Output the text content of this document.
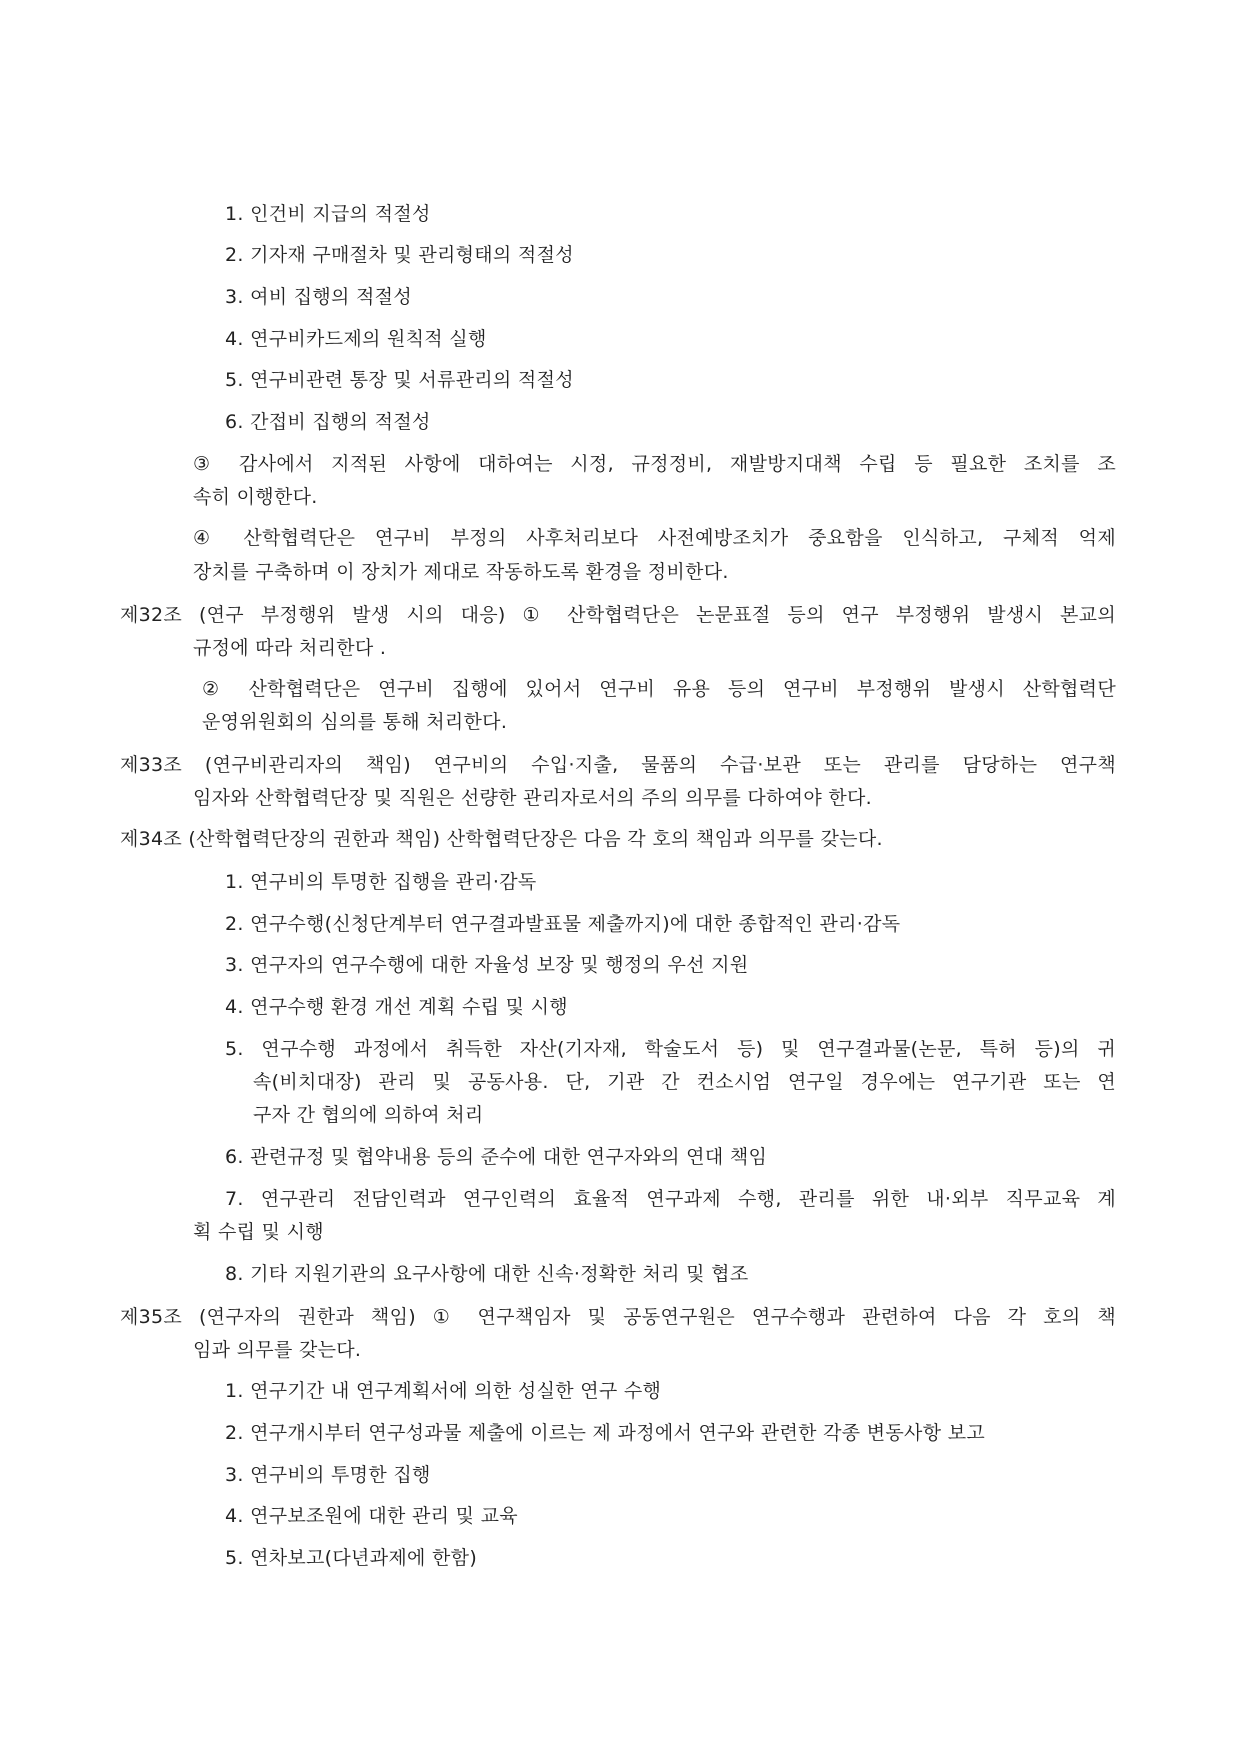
1. 인건비 지급의 적절성
2. 기자재 구매절차 및 관리형태의 적절성
3. 여비 집행의 적절성
4. 연구비카드제의 원칙적 실행
5. 연구비관련 통장 및 서류관리의 적절성
6. 간접비 집행의 적절성
③ 감사에서 지적된 사항에 대하여는 시정, 규정정비, 재발방지대책 수립 등 필요한 조치를 조
속히 이행한다.
④ 산학협력단은 연구비 부정의 사후처리보다 사전예방조치가 중요함을 인식하고, 구체적 억제
장치를 구축하며 이 장치가 제대로 작동하도록 환경을 정비한다.
제32조 (연구 부정행위 발생 시의 대응) ① 산학협력단은 논문표절 등의 연구 부정행위 발생시 본교의
규정에 따라 처리한다 .
② 산학협력단은 연구비 집행에 있어서 연구비 유용 등의 연구비 부정행위 발생시 산학협력단
운영위원회의 심의를 통해 처리한다.
제33조 (연구비관리자의 책임) 연구비의 수입·지출, 물품의 수급·보관 또는 관리를 담당하는 연구책
임자와 산학협력단장 및 직원은 선량한 관리자로서의 주의 의무를 다하여야 한다.
제34조 (산학협력단장의 권한과 책임) 산학협력단장은 다음 각 호의 책임과 의무를 갖는다.
1. 연구비의 투명한 집행을 관리·감독
2. 연구수행(신청단계부터 연구결과발표물 제출까지)에 대한 종합적인 관리·감독
3. 연구자의 연구수행에 대한 자율성 보장 및 행정의 우선 지원
4. 연구수행 환경 개선 계획 수립 및 시행
5. 연구수행 과정에서 취득한 자산(기자재, 학술도서 등) 및 연구결과물(논문, 특허 등)의 귀
속(비치대장) 관리 및 공동사용. 단, 기관 간 컨소시엄 연구일 경우에는 연구기관 또는 연
구자 간 협의에 의하여 처리
6. 관련규정 및 협약내용 등의 준수에 대한 연구자와의 연대 책임
7. 연구관리 전담인력과 연구인력의 효율적 연구과제 수행, 관리를 위한 내·외부 직무교육 계
획 수립 및 시행
8. 기타 지원기관의 요구사항에 대한 신속·정확한 처리 및 협조
제35조 (연구자의 권한과 책임) ① 연구책임자 및 공동연구원은 연구수행과 관련하여 다음 각 호의 책
임과 의무를 갖는다.
1. 연구기간 내 연구계획서에 의한 성실한 연구 수행
2. 연구개시부터 연구성과물 제출에 이르는 제 과정에서 연구와 관련한 각종 변동사항 보고
3. 연구비의 투명한 집행
4. 연구보조원에 대한 관리 및 교육
5. 연차보고(다년과제에 한함)
